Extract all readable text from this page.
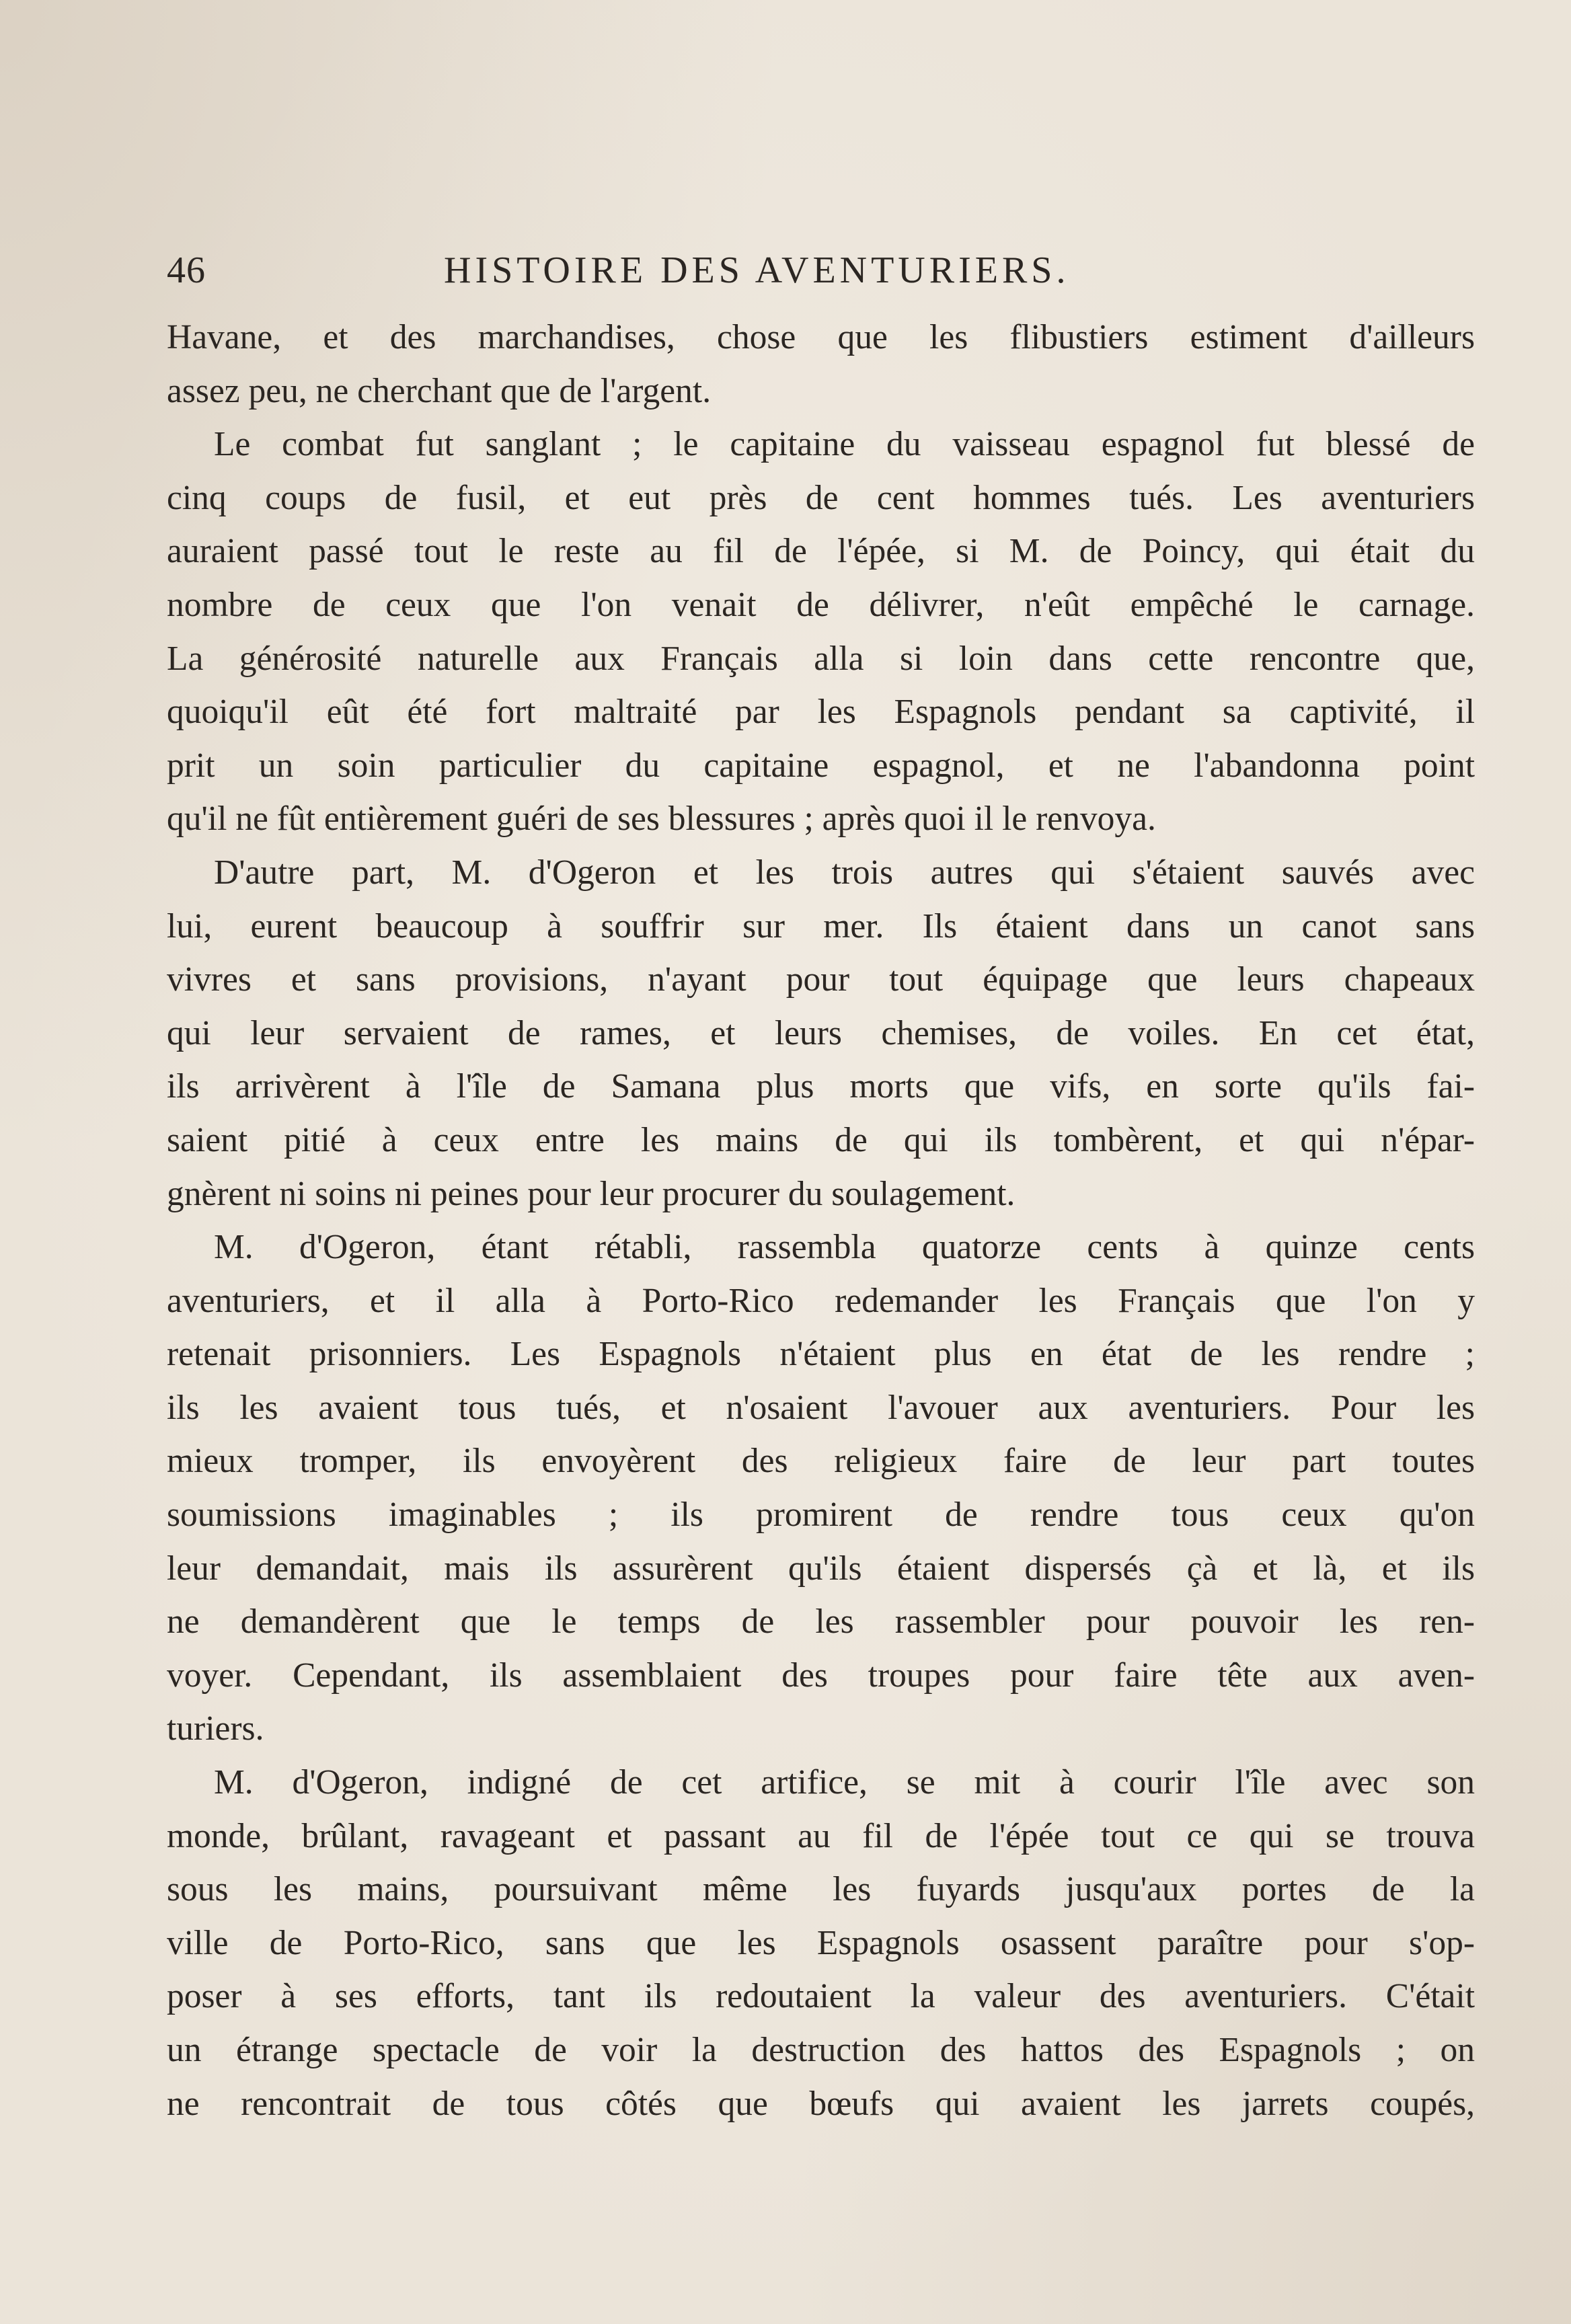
46	HISTOIRE DES AVENTURIERS.
Havane, et des marchandises, chose que les flibustiers estiment d'ailleurs
assez peu, ne cherchant que de l'argent.
Le combat fut sanglant ; le capitaine du vaisseau espagnol fut blessé de
cinq coups de fusil, et eut près de cent hommes tués. Les aventuriers
auraient passé tout le reste au fil de l'épée, si M. de Poincy, qui était du
nombre de ceux que l'on venait de délivrer, n'eût empêché le carnage.
La générosité naturelle aux Français alla si loin dans cette rencontre que,
quoiqu'il eût été fort maltraité par les Espagnols pendant sa captivité, il
prit un soin particulier du capitaine espagnol, et ne l'abandonna point
qu'il ne fût entièrement guéri de ses blessures ; après quoi il le renvoya.
D'autre part, M. d'Ogeron et les trois autres qui s'étaient sauvés avec
lui, eurent beaucoup à souffrir sur mer. Ils étaient dans un canot sans
vivres et sans provisions, n'ayant pour tout équipage que leurs chapeaux
qui leur servaient de rames, et leurs chemises, de voiles. En cet état,
ils arrivèrent à l'île de Samana plus morts que vifs, en sorte qu'ils fai-
saient pitié à ceux entre les mains de qui ils tombèrent, et qui n'épar-
gnèrent ni soins ni peines pour leur procurer du soulagement.
M. d'Ogeron, étant rétabli, rassembla quatorze cents à quinze cents
aventuriers, et il alla à Porto-Rico redemander les Français que l'on y
retenait prisonniers. Les Espagnols n'étaient plus en état de les rendre ;
ils les avaient tous tués, et n'osaient l'avouer aux aventuriers. Pour les
mieux tromper, ils envoyèrent des religieux faire de leur part toutes
soumissions imaginables ; ils promirent de rendre tous ceux qu'on
leur demandait, mais ils assurèrent qu'ils étaient dispersés çà et là, et ils
ne demandèrent que le temps de les rassembler pour pouvoir les ren-
voyer. Cependant, ils assemblaient des troupes pour faire tête aux aven-
turiers.
M. d'Ogeron, indigné de cet artifice, se mit à courir l'île avec son
monde, brûlant, ravageant et passant au fil de l'épée tout ce qui se trouva
sous les mains, poursuivant même les fuyards jusqu'aux portes de la
ville de Porto-Rico, sans que les Espagnols osassent paraître pour s'op-
poser à ses efforts, tant ils redoutaient la valeur des aventuriers. C'était
un étrange spectacle de voir la destruction des hattos des Espagnols ; on
ne rencontrait de tous côtés que bœufs qui avaient les jarrets coupés,
